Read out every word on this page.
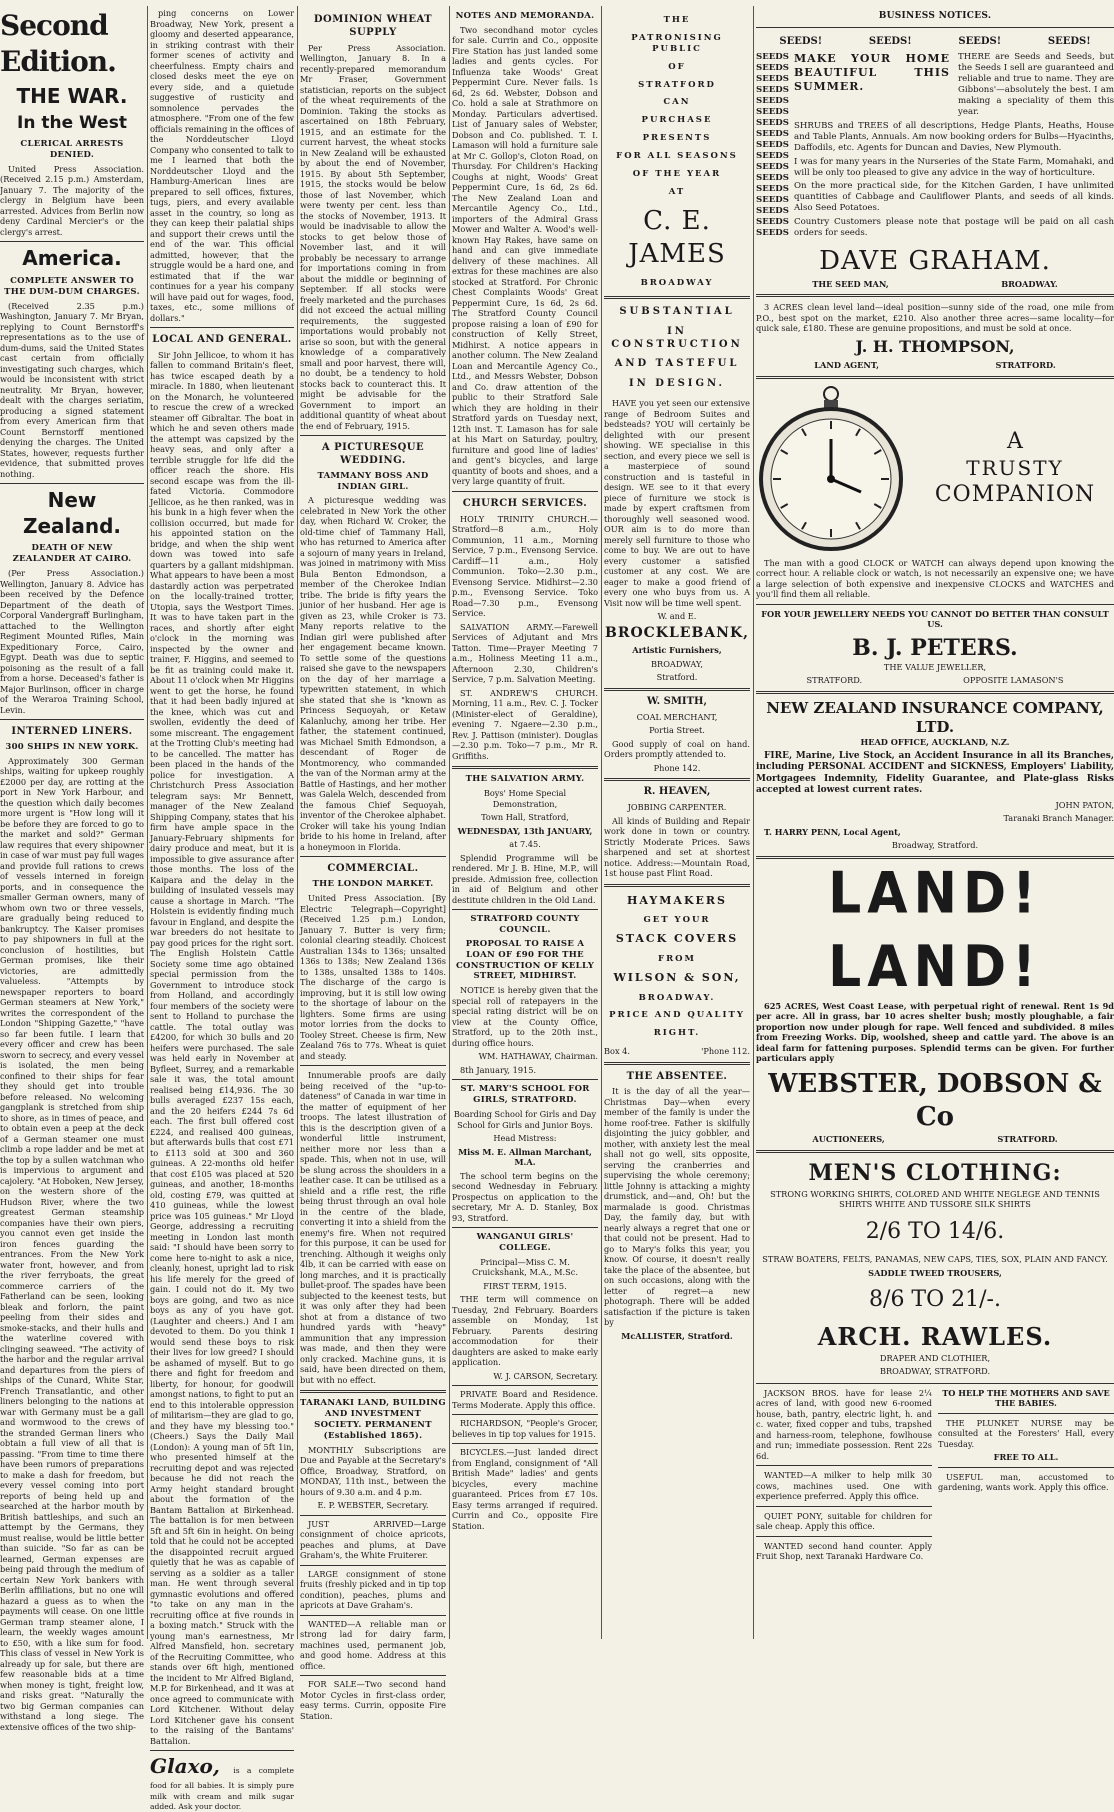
Second Edition.
THE WAR.
In the West
CLERICAL ARRESTS DENIED.

United Press Association. (Received 2.15 p.m.) Amsterdam, January 7. The majority of the clergy in Belgium have been arrested. Advices from Berlin now deny Cardinal Mercier's or the clergy's arrest.

America.
COMPLETE ANSWER TO THE DUM-DUM CHARGES.

(Received 2.35 p.m.) Washington, January 7. Mr Bryan, replying to Count Bernstorff's representations as to the use of dum-dums, said the United States cast certain from officially investigating such charges, which would be inconsistent with strict neutrality. Mr Bryan, however, dealt with the charges seriatim, producing a signed statement from every American firm that Count Bernstorff mentioned denying the charges. The United States, however, requests further evidence, that submitted proves nothing.

New Zealand.
DEATH OF NEW ZEALANDER AT CAIRO.

(Per Press Association.) Wellington, January 8. Advice has been received by the Defence Department of the death of Corporal Vandergraff Burlingham, attached to the Wellington Regiment Mounted Rifles, Main Expeditionary Force, Cairo, Egypt. Death was due to septic poisoning as the result of a fall from a horse. Deceased's father is Major Burlinson, officer in charge of the Weraroa Training School, Levin.

INTERNED LINERS.
300 SHIPS IN NEW YORK.

Approximately 300 German ships, waiting for upkeep roughly £2000 per day, are rotting at the port in New York Harbour, and the question which daily becomes more urgent is "How long will it be before they are forced to go to the market and sold?" German law requires that every shipowner in case of war must pay full wages and provide full rations to crews of vessels interned in foreign ports, and in consequence the smaller German owners, many of whom own two or three vessels, are gradually being reduced to bankruptcy. The Kaiser promises to pay shipowners in full at the conclusion of hostilities, but German promises, like their victories, are admittedly valueless. "Attempts by newspaper reporters to board German steamers at New York," writes the correspondent of the London "Shipping Gazette," "have so far been futile. I learn that every officer and crew has been sworn to secrecy, and every vessel is isolated, the men being confined to their ships for fear they should get into trouble before released. No welcoming gangplank is stretched from ship to shore, as in times of peace, and to obtain even a peep at the deck of a German steamer one must climb a rope ladder and be met at the top by a sullen watchman who is impervious to argument and cajolery. "At Hoboken, New Jersey, on the western shore of the Hudson River, where the two greatest German steamship companies have their own piers, you cannot even get inside the iron fences guarding the entrances. From the New York water front, however, and from the river ferryboats, the great commerce carriers of the Fatherland can be seen, looking bleak and forlorn, the paint peeling from their sides and smoke-stacks, and their hulls and the waterline covered with clinging seaweed. "The activity of the harbor and the regular arrival and departures from the piers of ships of the Cunard, White Star, French Transatlantic, and other liners belonging to the nations at war with Germany must be a gall and wormwood to the crews of the stranded German liners who obtain a full view of all that is passing. "From time to time there have been rumors of preparations to make a dash for freedom, but every vessel coming into port reports of being held up and searched at the harbor mouth by British battleships, and such an attempt by the Germans, they must realise, would be little better than suicide. "So far as can be learned, German expenses are being paid through the medium of certain New York bankers with Berlin affiliations, but no one will hazard a guess as to when the payments will cease. On one little German tramp steamer alone, I learn, the weekly wages amount to £50, with a like sum for food. This class of vessel in New York is already up for sale, but there are few reasonable bids at a time when money is tight, freight low, and risks great. "Naturally the two big German companies can withstand a long siege. The extensive offices of the two ship-

ping concerns on Lower Broadway, New York, present a gloomy and deserted appearance, in striking contrast with their former scenes of activity and cheerfulness. Empty chairs and closed desks meet the eye on every side, and a quietude suggestive of rusticity and somnolence pervades the atmosphere. "From one of the few officials remaining in the offices of the Norddeutscher Lloyd Company who consented to talk to me I learned that both the Norddeutscher Lloyd and the Hamburg-American lines are prepared to sell offices, fixtures, tugs, piers, and every available asset in the country, so long as they can keep their palatial ships and support their crews until the end of the war. This official admitted, however, that the struggle would be a hard one, and estimated that if the war continues for a year his company will have paid out for wages, food, taxes, etc., some millions of dollars."

LOCAL AND GENERAL.

Sir John Jellicoe, to whom it has fallen to command Britain's fleet, has twice escaped death by a miracle. In 1880, when lieutenant on the Monarch, he volunteered to rescue the crew of a wrecked steamer off Gibraltar. The boat in which he and seven others made the attempt was capsized by the heavy seas, and only after a terrible struggle for life did the officer reach the shore. His second escape was from the ill-fated Victoria. Commodore Jellicoe, as he then ranked, was in his bunk in a high fever when the collision occurred, but made for his appointed station on the bridge, and when the ship went down was towed into safe quarters by a gallant midshipman. What appears to have been a most dastardly action was perpetrated on the locally-trained trotter, Utopia, says the Westport Times. It was to have taken part in the races, and shortly after eight o'clock in the morning was inspected by the owner and trainer, F. Higgins, and seemed to be fit as training could make it. About 11 o'clock when Mr Higgins went to get the horse, he found that it had been badly injured at the knee, which was cut and swollen, evidently the deed of some miscreant. The engagement at the Trotting Club's meeting had to be cancelled. The matter has been placed in the hands of the police for investigation. A Christchurch Press Association telegram says: Mr Bennett, manager of the New Zealand Shipping Company, states that his firm have ample space in the January-February shipments for dairy produce and meat, but it is impossible to give assurance after those months. The loss of the Kaipara and the delay in the building of insulated vessels may cause a shortage in March. "The Holstein is evidently finding much favour in England, and despite the war breeders do not hesitate to pay good prices for the right sort. The English Holstein Cattle Society some time ago obtained special permission from the Government to introduce stock from Holland, and accordingly four members of the society were sent to Holland to purchase the cattle. The total outlay was £4200, for which 30 bulls and 20 heifers were purchased. The sale was held early in November at Byfleet, Surrey, and a remarkable sale it was, the total amount realised being £14,936. The 30 bulls averaged £237 15s each, and the 20 heifers £244 7s 6d each. The first bull offered cost £224, and realised 400 guineas, but afterwards bulls that cost £71 to £113 sold at 300 and 360 guineas. A 22-months old heifer that cost £105 was placed at 520 guineas, and another, 18-months old, costing £79, was quitted at 410 guineas, while the lowest price was 105 guineas." Mr Lloyd George, addressing a recruiting meeting in London last month said: "I should have been sorry to come here to-night to ask a nice, cleanly, honest, upright lad to risk his life merely for the greed of gain. I could not do it. My two boys are going, and two as nice boys as any of you have got. (Laughter and cheers.) And I am devoted to them. Do you think I would send these boys to risk their lives for low greed? I should be ashamed of myself. But to go there and fight for freedom and liberty, for honour, for goodwill amongst nations, to fight to put an end to this intolerable oppression of militarism—they are glad to go, and they have my blessing too." (Cheers.) Says the Daily Mail (London): A young man of 5ft 1in, who presented himself at the recruiting depot and was rejected because he did not reach the Army height standard brought about the formation of the Bantam Battalion at Birkenhead. The battalion is for men between 5ft and 5ft 6in in height. On being told that he could not be accepted the disappointed recruit argued quietly that he was as capable of serving as a soldier as a taller man. He went through several gymnastic evolutions and offered "to take on any man in the recruiting office at five rounds in a boxing match." Struck with the young man's earnestness, Mr Alfred Mansfield, hon. secretary of the Recruiting Committee, who stands over 6ft high, mentioned the incident to Mr Alfred Bigland, M.P. for Birkenhead, and it was at once agreed to communicate with Lord Kitchener. Without delay Lord Kitchener gave his consent to the raising of the Bantams' Battalion.

Glaxo, is a complete food for all babies. It is simply pure milk with cream and milk sugar added. Ask your doctor.
DOMINION WHEAT SUPPLY

Per Press Association. Wellington, January 8. In a recently-prepared memorandum Mr Fraser, Government statistician, reports on the subject of the wheat requirements of the Dominion. Taking the stocks as ascertained on 18th February, 1915, and an estimate for the current harvest, the wheat stocks in New Zealand will be exhausted by about the end of November, 1915. By about 5th September, 1915, the stocks would be below those of last November, which were twenty per cent. less than the stocks of November, 1913. It would be inadvisable to allow the stocks to get below those of November last, and it will probably be necessary to arrange for importations coming in from about the middle or beginning of September. If all stocks were freely marketed and the purchases did not exceed the actual milling requirements, the suggested importations would probably not arise so soon, but with the general knowledge of a comparatively small and poor harvest, there will, no doubt, be a tendency to hold stocks back to counteract this. It might be advisable for the Government to import an additional quantity of wheat about the end of February, 1915.

A PICTURESQUE WEDDING.
TAMMANY BOSS AND INDIAN GIRL.

A picturesque wedding was celebrated in New York the other day, when Richard W. Croker, the old-time chief of Tammany Hall, who has returned to America after a sojourn of many years in Ireland, was joined in matrimony with Miss Bula Benton Edmondson, a member of the Cherokee Indian tribe. The bride is fifty years the junior of her husband. Her age is given as 23, while Croker is 73. Many reports relative to the Indian girl were published after her engagement became known. To settle some of the questions raised she gave to the newspapers on the day of her marriage a typewritten statement, in which she stated that she is "known as Princess Sequoyah, or Ketaw Kalanluchy, among her tribe. Her father, the statement continued, was Michael Smith Edmondson, a descendant of Roger de Montmorency, who commanded the van of the Norman army at the Battle of Hastings, and her mother was Galela Welch, descended from the famous Chief Sequoyah, inventor of the Cherokee alphabet. Croker will take his young Indian bride to his home in Ireland, after a honeymoon in Florida.

COMMERCIAL.
THE LONDON MARKET.

United Press Association. [By Electric Telegraph—Copyright] (Received 1.25 p.m.) London, January 7. Butter is very firm; colonial clearing steadily. Choicest Australian 134s to 136s; unsalted 136s to 138s; New Zealand 136s to 138s, unsalted 138s to 140s. The discharge of the cargo is improving, but it is still low owing to the shortage of labour on the lighters. Some firms are using motor lorries from the docks to Tooley Street. Cheese is firm, New Zealand 76s to 77s. Wheat is quiet and steady.

Innumerable proofs are daily being received of the "up-to-dateness" of Canada in war time in the matter of equipment of her troops. The latest illustration of this is the description given of a wonderful little instrument, neither more nor less than a spade. This, when not in use, will be slung across the shoulders in a leather case. It can be utilised as a shield and a rifle rest, the rifle being thrust through an oval hole in the centre of the blade, converting it into a shield from the enemy's fire. When not required for this purpose, it can be used for trenching. Although it weighs only 4lb, it can be carried with ease on long marches, and it is practically bullet-proof. The spades have been subjected to the keenest tests, but it was only after they had been shot at from a distance of two hundred yards with "heavy" ammunition that any impression was made, and then they were only cracked. Machine guns, it is said, have been directed on them, but with no effect.

TARANAKI LAND, BUILDING AND INVESTMENT SOCIETY. PERMANENT (Established 1865).

MONTHLY Subscriptions are Due and Payable at the Secretary's Office, Broadway, Stratford, on MONDAY, 11th inst., between the hours of 9.30 a.m. and 4 p.m.

E. P. WEBSTER, Secretary.

JUST ARRIVED—Large consignment of choice apricots, peaches and plums, at Dave Graham's, the White Fruiterer.

LARGE consignment of stone fruits (freshly picked and in tip top condition), peaches, plums and apricots at Dave Graham's.

WANTED—A reliable man or strong lad for dairy farm, machines used, permanent job, and good home. Address at this office.

FOR SALE—Two second hand Motor Cycles in first-class order, easy terms. Currin, opposite Fire Station.

NOTES AND MEMORANDA.

Two secondhand motor cycles for sale. Currin and Co., opposite Fire Station has just landed some ladies and gents cycles. For Influenza take Woods' Great Peppermint Cure. Never fails. 1s 6d, 2s 6d. Webster, Dobson and Co. hold a sale at Strathmore on Monday. Particulars advertised. List of January sales of Webster, Dobson and Co. published. T. I. Lamason will hold a furniture sale at Mr C. Gollop's, Cloton Road, on Thursday. For Children's Hacking Coughs at night, Woods' Great Peppermint Cure, 1s 6d, 2s 6d. The New Zealand Loan and Mercantile Agency Co., Ltd., importers of the Admiral Grass Mower and Walter A. Wood's well-known Hay Rakes, have same on hand and can give immediate delivery of these machines. All extras for these machines are also stocked at Stratford. For Chronic Chest Complaints Woods' Great Peppermint Cure, 1s 6d, 2s 6d. The Stratford County Council propose raising a loan of £90 for construction of Kelly Street, Midhirst. A notice appears in another column. The New Zealand Loan and Mercantile Agency Co., Ltd., and Messrs Webster, Dobson and Co. draw attention of the public to their Stratford Sale which they are holding in their Stratford yards on Tuesday next, 12th inst. T. Lamason has for sale at his Mart on Saturday, poultry, furniture and good line of ladies' and gent's bicycles, and large quantity of boots and shoes, and a very large quantity of fruit.

CHURCH SERVICES.

HOLY TRINITY CHURCH.—Stratford—8 a.m., Holy Communion, 11 a.m., Morning Service, 7 p.m., Evensong Service. Cardiff—11 a.m., Holy Communion. Toko—2.30 p.m., Evensong Service. Midhirst—2.30 p.m., Evensong Service. Toko Road—7.30 p.m., Evensong Service.

SALVATION ARMY.—Farewell Services of Adjutant and Mrs Tatton. Time—Prayer Meeting 7 a.m., Holiness Meeting 11 a.m., Afternoon 2.30, Children's Service, 7 p.m. Salvation Meeting.

ST. ANDREW'S CHURCH. Morning, 11 a.m., Rev. C. J. Tocker (Minister-elect of Geraldine), evening 7. Ngaere—2.30 p.m., Rev. J. Pattison (minister). Douglas—2.30 p.m. Toko—7 p.m., Mr R. Griffiths.

THE SALVATION ARMY.

Boys' Home Special Demonstration,

Town Hall, Stratford,

WEDNESDAY, 13th JANUARY,

at 7.45.

Splendid Programme will be rendered. Mr J. B. Hine, M.P., will preside. Admission free, collection in aid of Belgium and other destitute children in the Old Land.

STRATFORD COUNTY COUNCIL.
PROPOSAL TO RAISE A LOAN OF £90 FOR THE CONSTRUCTION OF KELLY STREET, MIDHIRST.

NOTICE is hereby given that the special roll of ratepayers in the special rating district will be on view at the County Office, Stratford, up to the 20th inst., during office hours.

WM. HATHAWAY, Chairman.

8th January, 1915.

ST. MARY'S SCHOOL FOR GIRLS, STRATFORD.

Boarding School for Girls and Day School for Girls and Junior Boys.

Head Mistress:

Miss M. E. Allman Marchant, M.A.

The school term begins on the second Wednesday in February. Prospectus on application to the secretary, Mr A. D. Stanley, Box 93, Stratford.

WANGANUI GIRLS' COLLEGE.

Principal—Miss C. M. Cruickshank, M.A., M.Sc.

FIRST TERM, 1915.

THE term will commence on Tuesday, 2nd February. Boarders assemble on Monday, 1st February. Parents desiring accommodation for their daughters are asked to make early application.

W. J. CARSON, Secretary.

PRIVATE Board and Residence. Terms Moderate. Apply this office.

RICHARDSON, "People's Grocer, believes in tip top values for 1915.

BICYCLES.—Just landed direct from England, consignment of "All British Made" ladies' and gents bicycles, every machine guaranteed. Prices from £7 10s. Easy terms arranged if required. Currin and Co., opposite Fire Station.

THE
PATRONISING PUBLIC
OF
STRATFORD
CAN
PURCHASE
PRESENTS
FOR ALL SEASONS
OF THE YEAR
AT
C. E. JAMES
BROADWAY
SUBSTANTIAL
IN CONSTRUCTION
AND TASTEFUL
IN DESIGN.

HAVE you yet seen our extensive range of Bedroom Suites and bedsteads? YOU will certainly be delighted with our present showing. WE specialise in this section, and every piece we sell is a masterpiece of sound construction and is tasteful in design. WE see to it that every piece of furniture we stock is made by expert craftsmen from thoroughly well seasoned wood. OUR aim is to do more than merely sell furniture to those who come to buy. We are out to have every customer a satisfied customer at any cost. We are eager to make a good friend of every one who buys from us. A Visit now will be time well spent.

W. and E.

BROCKLEBANK,

Artistic Furnishers,

BROADWAY,

Stratford.

W. SMITH,

COAL MERCHANT,

Portia Street.

Good supply of coal on hand. Orders promptly attended to.

Phone 142.

R. HEAVEN,

JOBBING CARPENTER.

All kinds of Building and Repair work done in town or country. Strictly Moderate Prices. Saws sharpened and set at shortest notice. Address:—Mountain Road, 1st house past Flint Road.

HAYMAKERS
GET YOUR
STACK COVERS
FROM
WILSON & SON,
BROADWAY.
PRICE AND QUALITY
RIGHT.
Box 4.	'Phone 112.
THE ABSENTEE.

It is the day of all the year—Christmas Day—when every member of the family is under the home roof-tree. Father is skilfully disjointing the juicy gobbler, and mother, with anxiety lest the meal shall not go well, sits opposite, serving the cranberries and supervising the whole ceremony; little Johnny is attacking a mighty drumstick, and—and, Oh! but the marmalade is good. Christmas Day, the family day, but with nearly always a regret that one or that could not be present. Had to go to Mary's folks this year, you know. Of course, it doesn't really take the place of the absentee, but on such occasions, along with the letter of regret—a new photograph. There will be added satisfaction if the picture is taken by

McALLISTER, Stratford.

BUSINESS NOTICES.
SEEDS!	SEEDS!	SEEDS!	SEEDS!
SEEDS
SEEDS
SEEDS
SEEDS
SEEDS
SEEDS
SEEDS
SEEDS
SEEDS
SEEDS
SEEDS
SEEDS
SEEDS
SEEDS
SEEDS
SEEDS
SEEDS
MAKE YOUR HOME BEAUTIFUL THIS SUMMER.
THERE are Seeds and Seeds, but the Seeds I sell are guaranteed and reliable and true to name. They are Gibbons'—absolutely the best. I am making a speciality of them this year.
SHRUBS and TREES of all descriptions, Hedge Plants, Heaths, House and Table Plants, Annuals. Am now booking orders for Bulbs—Hyacinths, Daffodils, etc. Agents for Duncan and Davies, New Plymouth.
I was for many years in the Nurseries of the State Farm, Momahaki, and will be only too pleased to give any advice in the way of horticulture.
On the more practical side, for the Kitchen Garden, I have unlimited quantities of Cabbage and Cauliflower Plants, and seeds of all kinds. Also Seed Potatoes.
Country Customers please note that postage will be paid on all cash orders for seeds.
DAVE GRAHAM.
THE SEED MAN,	BROADWAY.

3 ACRES clean level land—ideal position—sunny side of the road, one mile from P.O., best spot on the market, £210. Also another three acres—same locality—for quick sale, £180. These are genuine propositions, and must be sold at once.

J. H. THOMPSON,

LAND AGENT,	STRATFORD.
A
TRUSTY
COMPANION

The man with a good CLOCK or WATCH can always depend upon knowing the correct hour. A reliable clock or watch, is not necessarily an expensive one; we have a large selection of both expensive and inexpensive CLOCKS and WATCHES and you'll find them all reliable.

FOR YOUR JEWELLERY NEEDS YOU CANNOT DO BETTER THAN CONSULT US.

B. J. PETERS.

THE VALUE JEWELLER,

STRATFORD.	OPPOSITE LAMASON'S
NEW ZEALAND INSURANCE COMPANY, LTD.

HEAD OFFICE, AUCKLAND, N.Z.

FIRE, Marine, Live Stock, an Accident Insurance in all its Branches, including PERSONAL ACCIDENT and SICKNESS, Employers' Liability, Mortgagees Indemnity, Fidelity Guarantee, and Plate-glass Risks accepted at lowest current rates.

JOHN PATON,

Taranaki Branch Manager.

T. HARRY PENN, Local Agent,

Broadway, Stratford.

LAND! LAND!

625 ACRES, West Coast Lease, with perpetual right of renewal. Rent 1s 9d per acre. All in grass, bar 10 acres shelter bush; mostly ploughable, a fair proportion now under plough for rape. Well fenced and subdivided. 8 miles from Freezing Works. Dip, woolshed, sheep and cattle yard. The above is an ideal farm for fattening purposes. Splendid terms can be given. For further particulars apply

WEBSTER, DOBSON & Co
AUCTIONEERS,	STRATFORD.
MEN'S CLOTHING:

STRONG WORKING SHIRTS, COLORED AND WHITE NEGLEGE AND TENNIS SHIRTS WHITE AND TUSSORE SILK SHIRTS

2/6 TO 14/6.

STRAW BOATERS, FELTS, PANAMAS, NEW CAPS, TIES, SOX, PLAIN AND FANCY.

SADDLE TWEED TROUSERS,

8/6 TO 21/-.
ARCH. RAWLES.

DRAPER AND CLOTHIER,

BROADWAY, STRATFORD.

JACKSON BROS. have for lease 2¼ acres of land, with good new 6-roomed house, bath, pantry, electric light, h. and c. water, fixed copper and tubs, trapshed and harness-room, telephone, fowlhouse and run; immediate possession. Rent 22s 6d.

WANTED—A milker to help milk 30 cows, machines used. One with experience preferred. Apply this office.

QUIET PONY, suitable for children for sale cheap. Apply this office.

WANTED second hand counter. Apply Fruit Shop, next Taranaki Hardware Co.

TO HELP THE MOTHERS AND SAVE THE BABIES.

THE PLUNKET NURSE may be consulted at the Foresters' Hall, every Tuesday.

FREE TO ALL.

USEFUL man, accustomed to gardening, wants work. Apply this office.
